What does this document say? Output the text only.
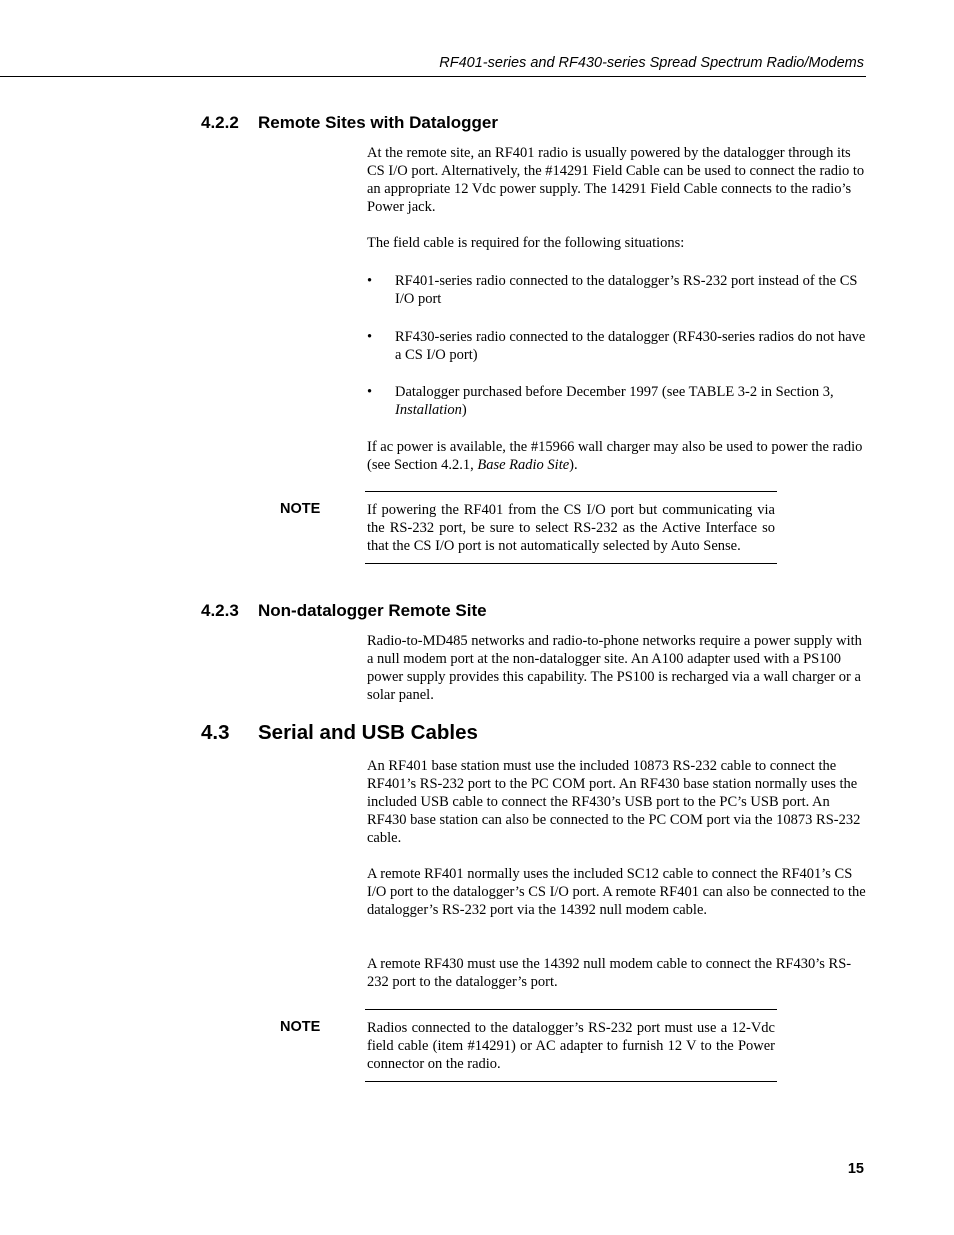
RF401-series and RF430-series Spread Spectrum Radio/Modems
4.2.2 Remote Sites with Datalogger

At the remote site, an RF401 radio is usually powered by the datalogger through its CS I/O port. Alternatively, the #14291 Field Cable can be used to connect the radio to an appropriate 12 Vdc power supply. The 14291 Field Cable connects to the radio’s Power jack.

The field cable is required for the following situations:

• RF401-series radio connected to the datalogger’s RS-232 port instead of the CS I/O port
• RF430-series radio connected to the datalogger (RF430-series radios do not have a CS I/O port)
• Datalogger purchased before December 1997 (see TABLE 3-2 in Section 3, Installation)

If ac power is available, the #15966 wall charger may also be used to power the radio (see Section 4.2.1, Base Radio Site).

NOTE	If powering the RF401 from the CS I/O port but communicating via the RS-232 port, be sure to select RS-232 as the Active Interface so that the CS I/O port is not automatically selected by Auto Sense.
4.2.3 Non-datalogger Remote Site

Radio-to-MD485 networks and radio-to-phone networks require a power supply with a null modem port at the non-datalogger site. An A100 adapter used with a PS100 power supply provides this capability. The PS100 is recharged via a wall charger or a solar panel.

4.3 Serial and USB Cables

An RF401 base station must use the included 10873 RS-232 cable to connect the RF401’s RS-232 port to the PC COM port. An RF430 base station normally uses the included USB cable to connect the RF430’s USB port to the PC’s USB port. An RF430 base station can also be connected to the PC COM port via the 10873 RS-232 cable.

A remote RF401 normally uses the included SC12 cable to connect the RF401’s CS I/O port to the datalogger’s CS I/O port. A remote RF401 can also be connected to the datalogger’s RS-232 port via the 14392 null modem cable.

A remote RF430 must use the 14392 null modem cable to connect the RF430’s RS-232 port to the datalogger’s port.

NOTE	Radios connected to the datalogger’s RS-232 port must use a 12-Vdc field cable (item #14291) or AC adapter to furnish 12 V to the Power connector on the radio.
15
